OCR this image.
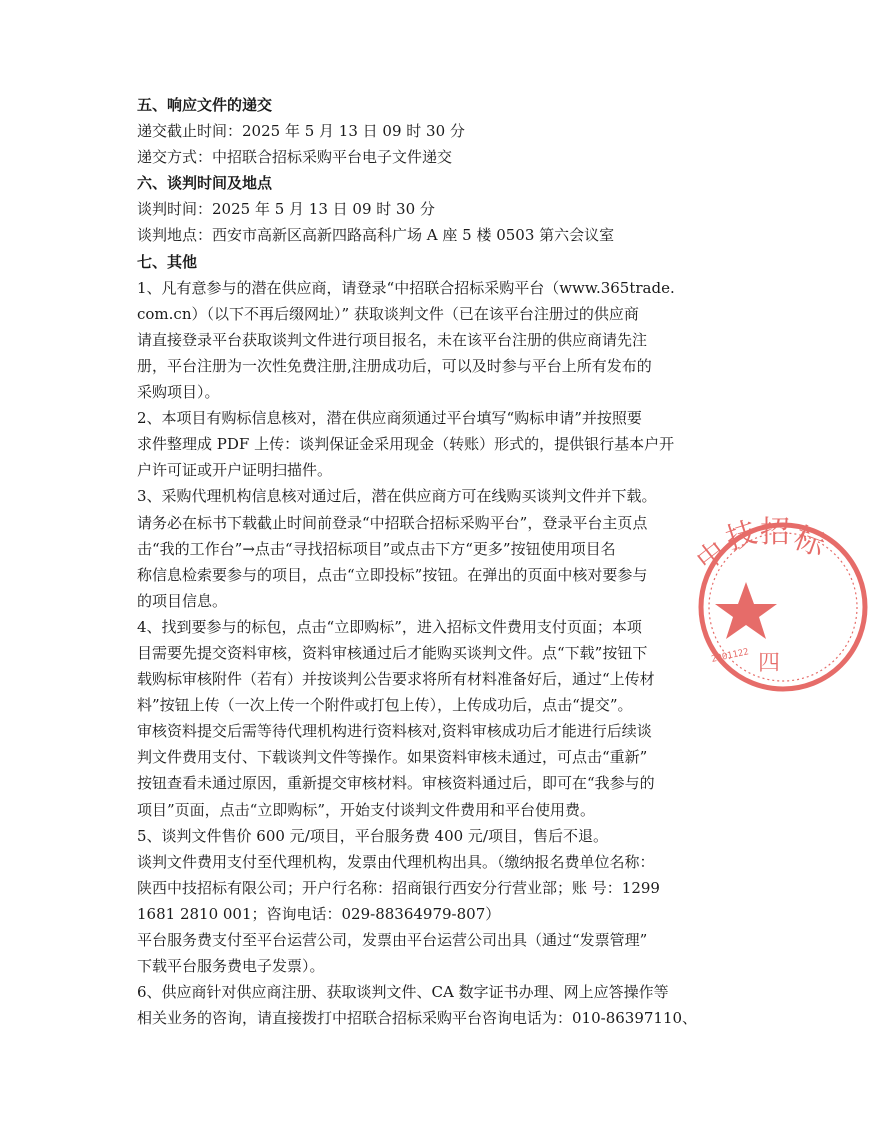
五、响应文件的递交
递交截止时间：2025 年 5 月 13 日 09 时 30 分
递交方式：中招联合招标采购平台电子文件递交
六、谈判时间及地点
谈判时间：2025 年 5 月 13 日 09 时 30 分
谈判地点：西安市高新区高新四路高科广场 A 座 5 楼 0503 第六会议室
七、其他
1、凡有意参与的潜在供应商，请登录“中招联合招标采购平台（www.365trade.
com.cn）（以下不再后缀网址）” 获取谈判文件（已在该平台注册过的供应商
请直接登录平台获取谈判文件进行项目报名，未在该平台注册的供应商请先注
册，平台注册为一次性免费注册,注册成功后，可以及时参与平台上所有发布的
采购项目）。
2、本项目有购标信息核对，潜在供应商须通过平台填写“购标申请”并按照要
求件整理成 PDF 上传：谈判保证金采用现金（转账）形式的，提供银行基本户开
户许可证或开户证明扫描件。
3、采购代理机构信息核对通过后，潜在供应商方可在线购买谈判文件并下载。
请务必在标书下载截止时间前登录“中招联合招标采购平台”，登录平台主页点
击“我的工作台”→点击“寻找招标项目”或点击下方“更多”按钮使用项目名
称信息检索要参与的项目，点击“立即投标”按钮。在弹出的页面中核对要参与
的项目信息。
4、找到要参与的标包，点击“立即购标”，进入招标文件费用支付页面；本项
目需要先提交资料审核，资料审核通过后才能购买谈判文件。点“下载”按钮下
载购标审核附件（若有）并按谈判公告要求将所有材料准备好后，通过“上传材
料”按钮上传（一次上传一个附件或打包上传），上传成功后，点击“提交”。
审核资料提交后需等待代理机构进行资料核对,资料审核成功后才能进行后续谈
判文件费用支付、下载谈判文件等操作。如果资料审核未通过，可点击“重新”
按钮查看未通过原因，重新提交审核材料。审核资料通过后，即可在“我参与的
项目”页面，点击“立即购标”，开始支付谈判文件费用和平台使用费。
5、谈判文件售价 600 元/项目，平台服务费 400 元/项目，售后不退。
谈判文件费用支付至代理机构，发票由代理机构出具。（缴纳报名费单位名称：
陕西中技招标有限公司；开户行名称：招商银行西安分行营业部；账 号：1299
1681 2810 001；咨询电话：029-88364979-807）
平台服务费支付至平台运营公司，发票由平台运营公司出具（通过“发票管理”
下载平台服务费电子发票）。
6、供应商针对供应商注册、获取谈判文件、CA 数字证书办理、网上应答操作等
相关业务的咨询，请直接拨打中招联合招标采购平台咨询电话为：010-86397110、
中
技
招 标
2901122 四
